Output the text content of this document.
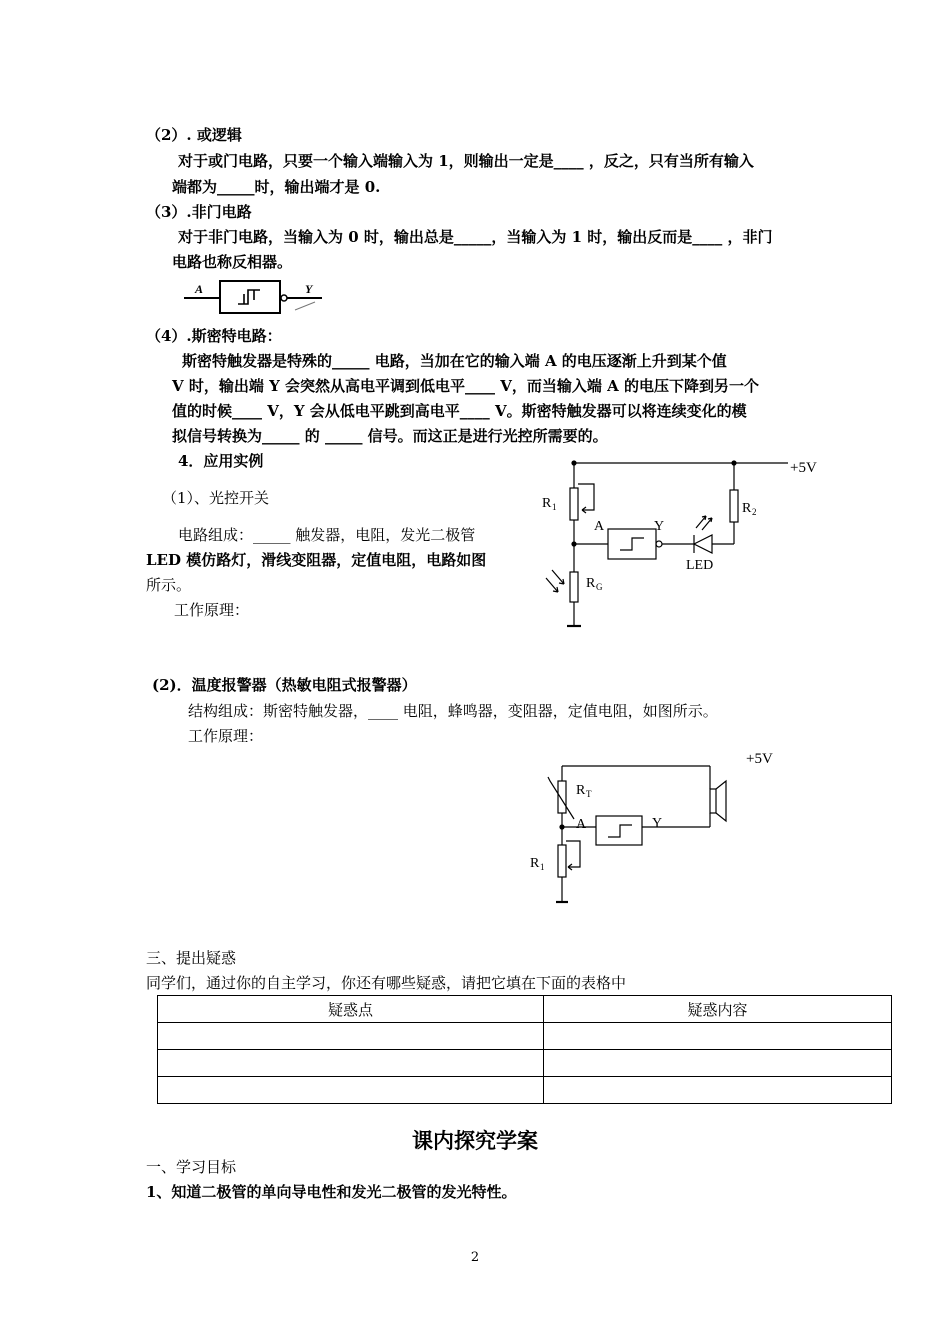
（2）. 或逻辑
对于或门电路，只要一个输入端输入为 1，则输出一定是____ ，反之，只有当所有输入
端都为_____时，输出端才是 0.
（3）.非门电路
对于非门电路，当输入为 0 时，输出总是_____，当输入为 1 时，输出反而是____ ，非门
电路也称反相器。
A	Y
（4）.斯密特电路：
斯密特触发器是特殊的_____ 电路，当加在它的输入端 A 的电压逐渐上升到某个值
V 时，输出端 Y 会突然从高电平调到低电平____ V，而当输入端 A 的电压下降到另一个
值的时候____ V，Y 会从低电平跳到高电平____ V。斯密特触发器可以将连续变化的模
拟信号转换为_____ 的 _____ 信号。而这正是进行光控所需要的。
4．应用实例
（1）、光控开关
电路组成：_____ 触发器，电阻，发光二极管
LED 模仿路灯，滑线变阻器，定值电阻，电路如图
所示。
工作原理：
+5V
R 1	R 2
A	Y
LED
R G
(2)．温度报警器（热敏电阻式报警器）
结构组成：斯密特触发器，____ 电阻，蜂鸣器，变阻器，定值电阻，如图所示。
工作原理：
+5V
R T
A	Y
R 1
三、提出疑惑
同学们，通过你的自主学习，你还有哪些疑惑，请把它填在下面的表格中
疑惑点	疑惑内容

课内探究学案
一、学习目标
1、知道二极管的单向导电性和发光二极管的发光特性。
2
